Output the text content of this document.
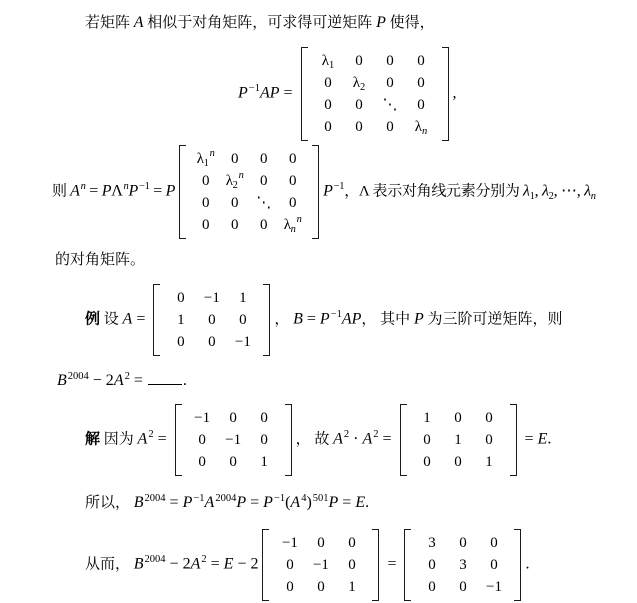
若矩阵 A 相似于对角矩阵，可求得可逆矩阵 P 使得，
$P^{-1}AP$ =
$\lambda_1$	0	0	0
0	$\lambda_2$	0	0
0	0	⋱	0
0	0	0	$\lambda_n$
,
则 $A^n = P\Lambda^nP^{-1} = P$
$\lambda_1^n$	0	0	0
0	$\lambda_2^n$	0	0
0	0	⋱	0
0	0	0	$\lambda_n^n$
$P^{-1}$，Λ 表示对角线元素分别为 $\lambda_1$, $\lambda_2$, ⋯, $\lambda_n$
的对角矩阵。
例 设 A =
0	−1	1
1	0	0
0	0	−1
， $B = P^{-1}AP$， 其中 P 为三阶可逆矩阵，则
$B^{2004} - 2A^2$ = .
解 因为 $A^2$ =
−1	0	0
0	−1	0
0	0	1
， 故 $A^2 \cdot A^2$ =
1	0	0
0	1	0
0	0	1
= E.
所以， $B^{2004} = P^{-1}A^{2004}P = P^{-1}(A^4)^{501}P = E$.
从而， $B^{2004} - 2A^2 = E - 2$
−1	0	0
0	−1	0
0	0	1
=
3	0	0
0	3	0
0	0	−1
.
